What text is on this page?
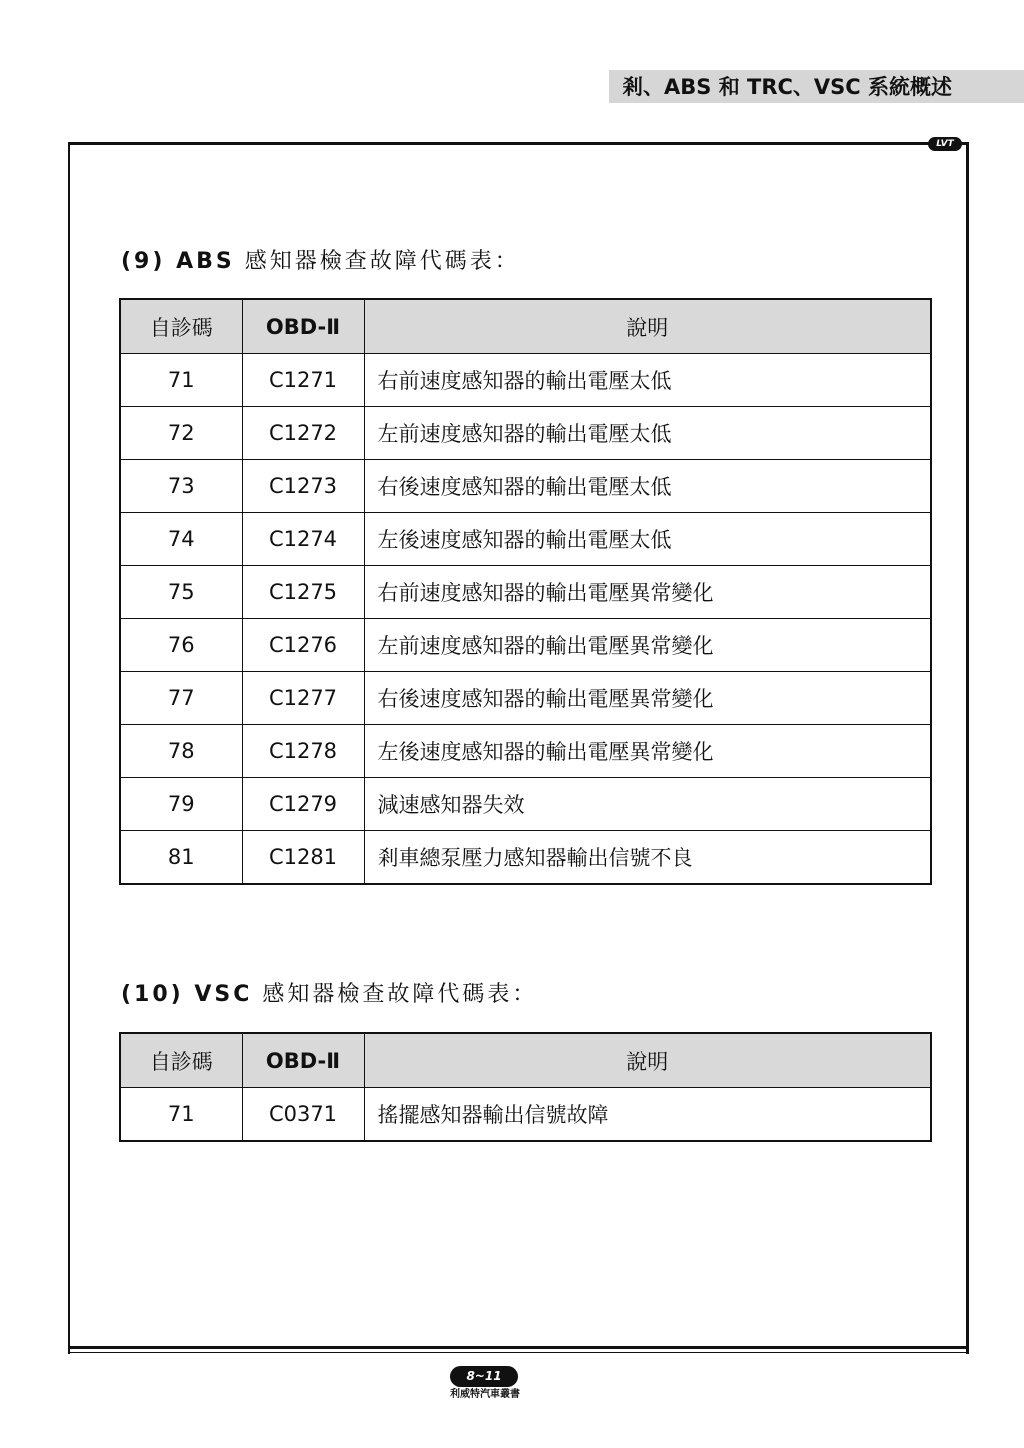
剎、ABS 和 TRC、VSC 系統概述
LVT
(9) ABS 感知器檢查故障代碼表：
自診碼	OBD-Ⅱ	說明
71	C1271	右前速度感知器的輸出電壓太低
72	C1272	左前速度感知器的輸出電壓太低
73	C1273	右後速度感知器的輸出電壓太低
74	C1274	左後速度感知器的輸出電壓太低
75	C1275	右前速度感知器的輸出電壓異常變化
76	C1276	左前速度感知器的輸出電壓異常變化
77	C1277	右後速度感知器的輸出電壓異常變化
78	C1278	左後速度感知器的輸出電壓異常變化
79	C1279	減速感知器失效
81	C1281	剎車總泵壓力感知器輸出信號不良
(10) VSC 感知器檢查故障代碼表：
自診碼	OBD-Ⅱ	說明
71	C0371	搖擺感知器輸出信號故障
8~11
利威特汽車叢書
